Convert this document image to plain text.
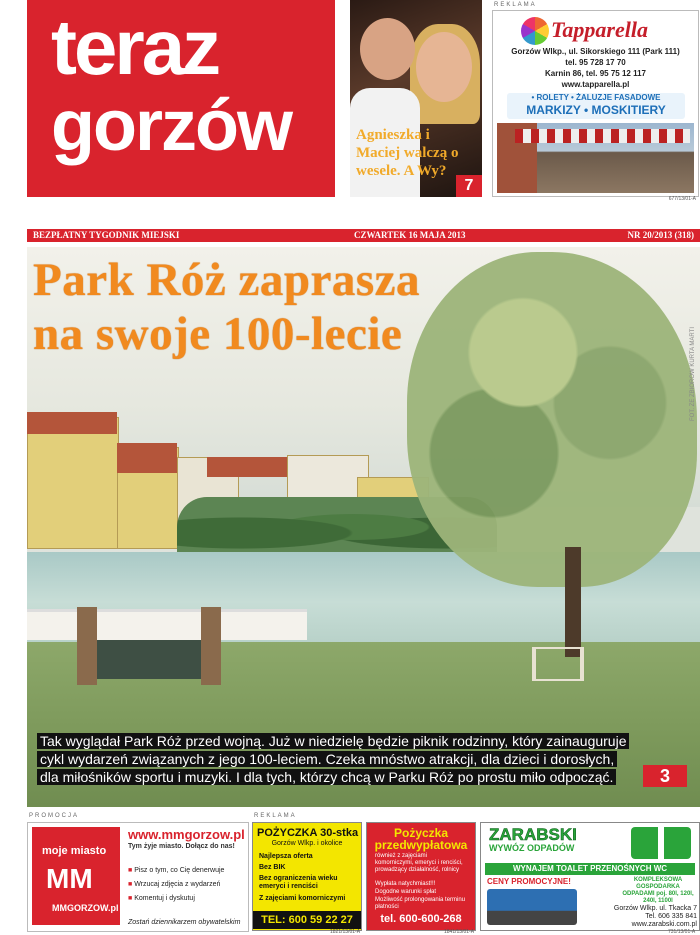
teraz
gorzów	Agnieszka i Maciej walczą o wesele. A Wy?
7
REKLAMA
Tapparella
Gorzów Wlkp., ul. Sikorskiego 111 (Park 111)
tel. 95 728 17 70
Karnin 86, tel. 95 75 12 117
www.tapparella.pl
• ROLETY • ŻALUZJE FASADOWE
MARKIZY • MOSKITIERY
677/13/01-A
BEZPŁATNY TYGODNIK MIEJSKI	CZWARTEK 16 MAJA 2013	NR 20/2013 (318)
Park Róż zaprasza
na swoje 100-lecie	FOT. ZE ZBIORÓW KURTA MARTI
Tak wyglądał Park Róż przed wojną. Już w niedzielę będzie piknik rodzinny, który zainauguruje
cykl wydarzeń związanych z jego 100-leciem. Czeka mnóstwo atrakcji, dla dzieci i dorosłych,
dla miłośników sportu i muzyki. I dla tych, którzy chcą w Parku Róż po prostu miło odpocząć.	3
PROMOCJA	REKLAMA
moje miasto
MM
MMGORZOW.pl
www.mmgorzow.pl
Tym żyje miasto. Dołącz do nas!
■ Pisz o tym, co Cię denerwuje
■ Wrzucaj zdjęcia z wydarzeń
■ Komentuj i dyskutuj
Zostań dziennikarzem obywatelskim
POŻYCZKA 30-stka
Gorzów Wlkp. i okolice
Najlepsza oferta
Bez BIK
Bez ograniczenia wieku emeryci i renciści
Z zajęciami komorniczymi
TEL: 600 59 22 27
1821/13/01-A
Pożyczka przedwypłatowa
również z zajęciami komorniczymi, emeryci i renciści, prowadzący działalność, rolnicy
Wypłata natychmiast!!!
Dogodne warunki spłat
Możliwość prolongowania terminu płatności
tel. 600-600-268
1841/13/01-A
ZARABSKI
WYWÓZ ODPADÓW
WYNAJEM TOALET PRZENOŚNYCH WC
CENY PROMOCYJNE!	KOMPLEKSOWA GOSPODARKA ODPADAMI poj. 80l, 120l, 240l, 1100l
Gorzów Wlkp. ul. Tkacka 7
Tel. 606 335 841
www.zarabski.com.pl
731/13/01-A
